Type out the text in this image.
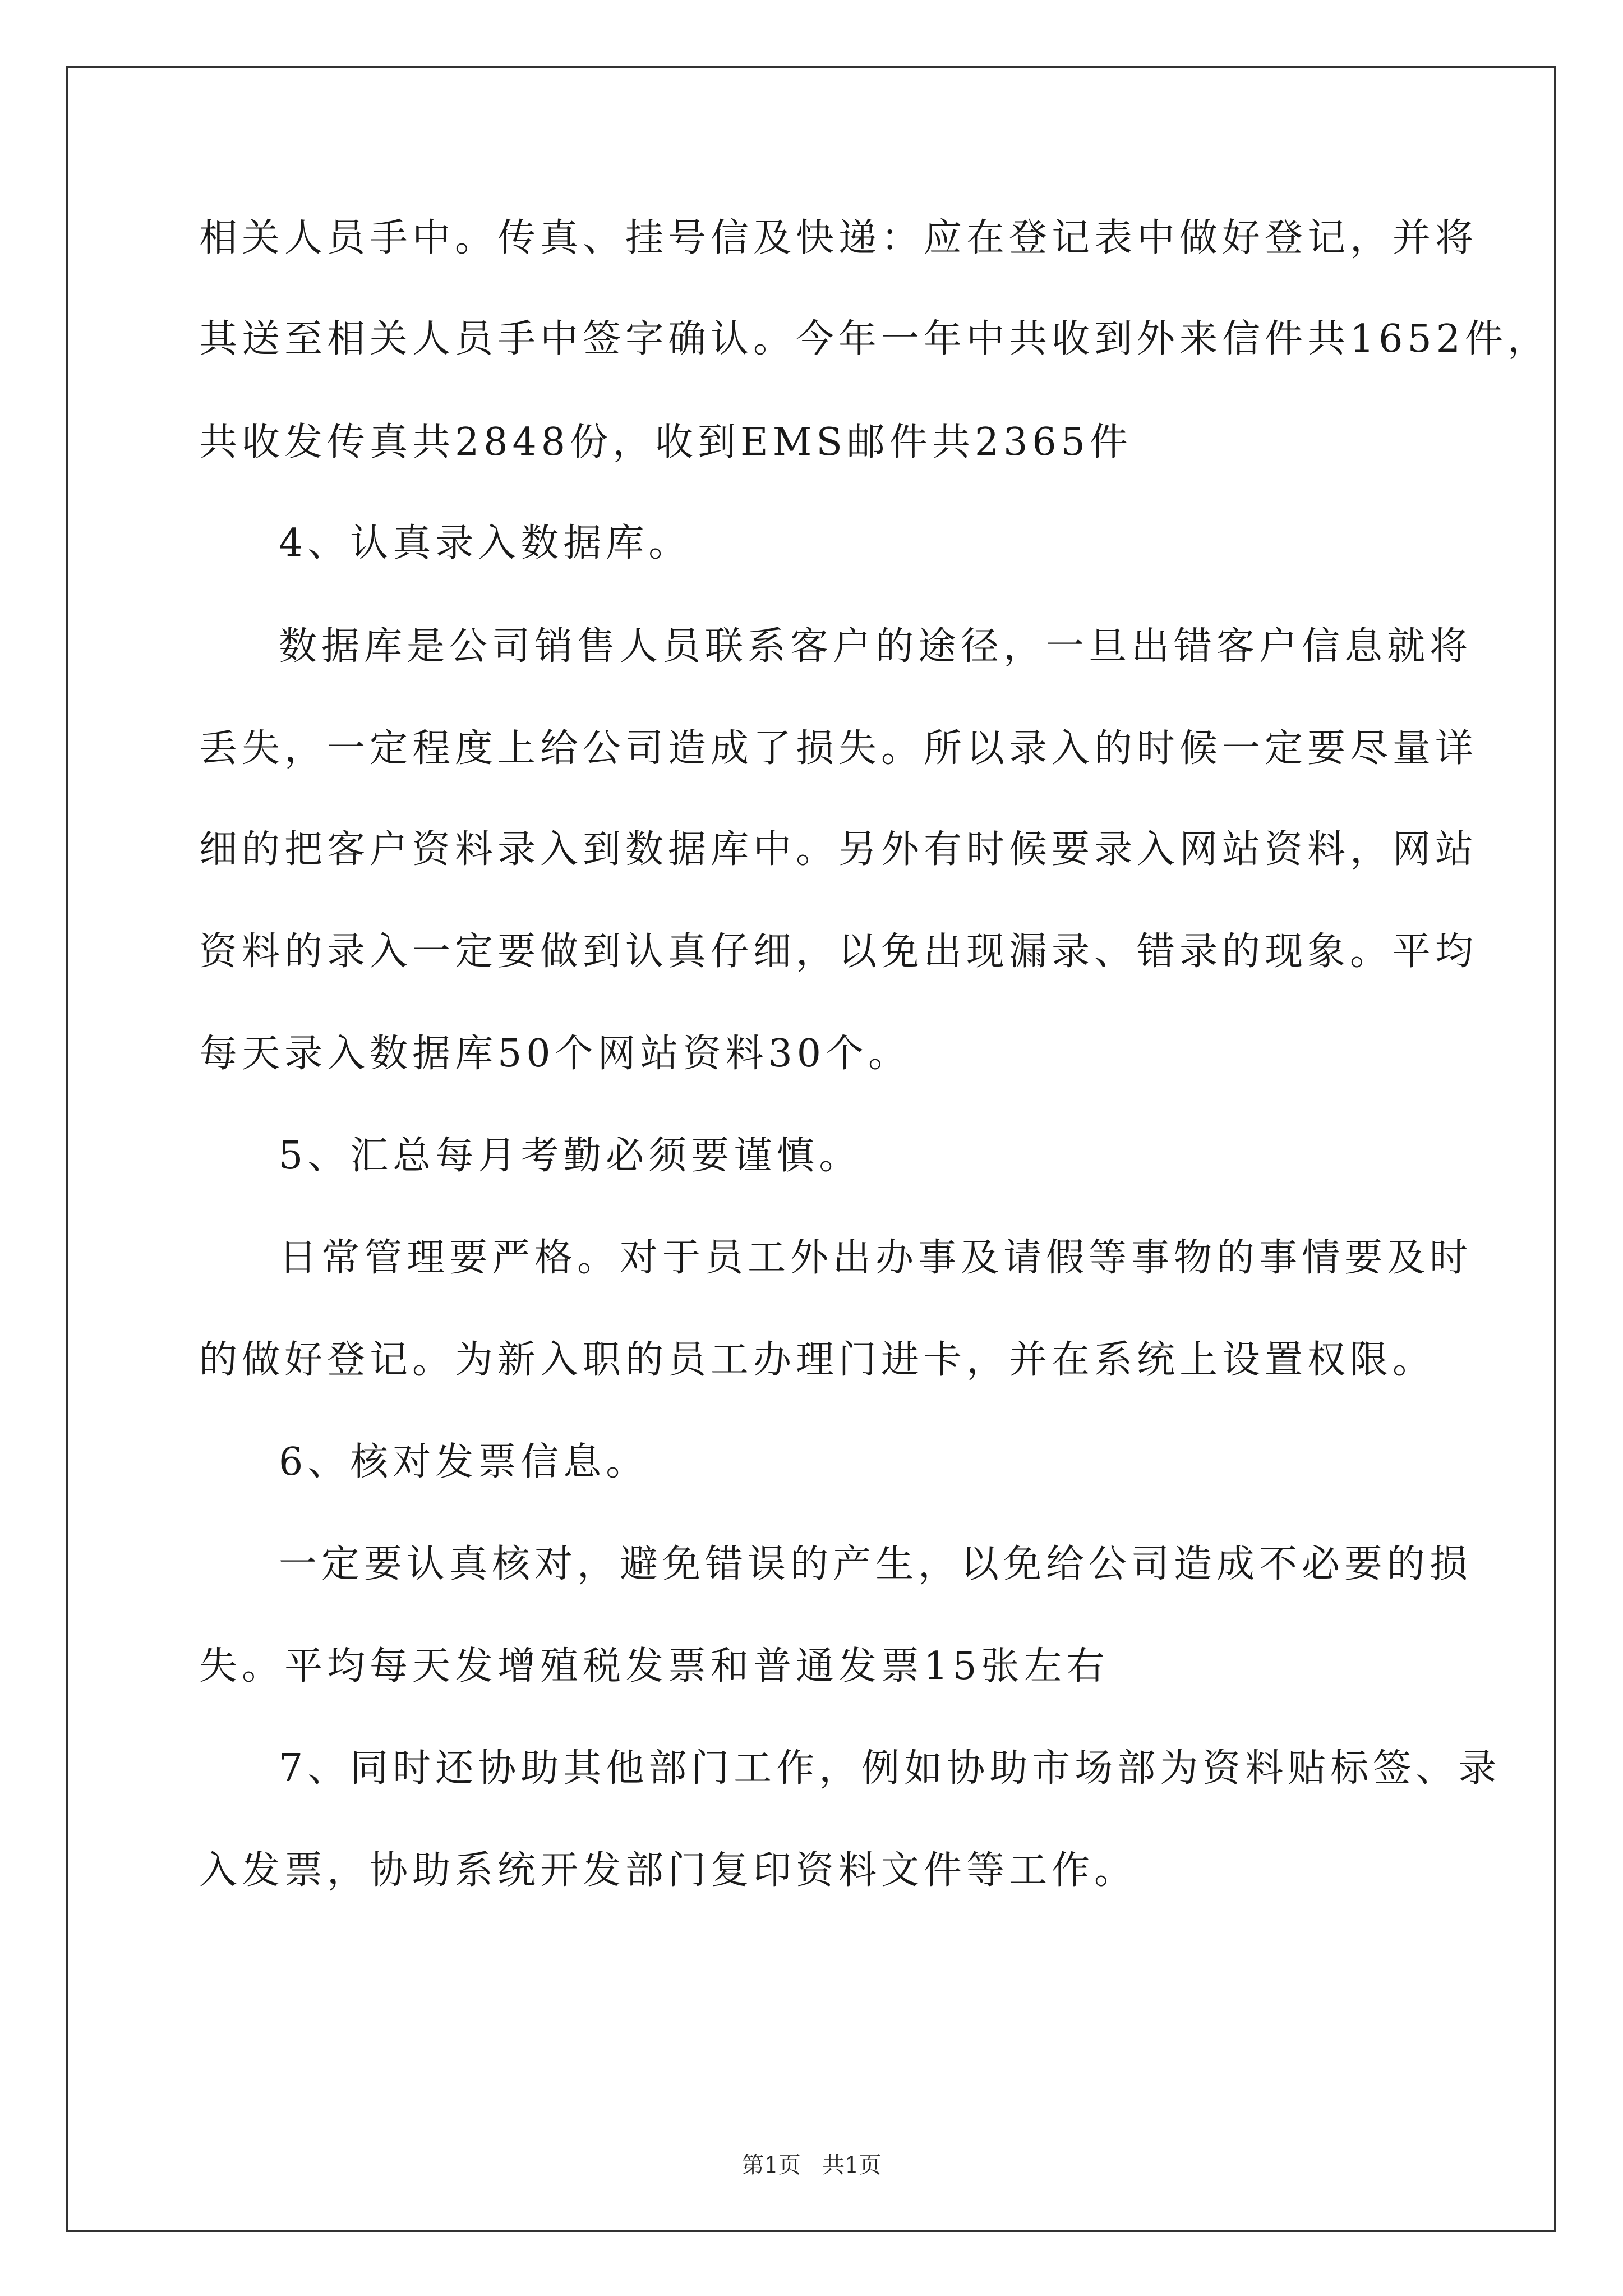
相关人员手中。传真、挂号信及快递：应在登记表中做好登记，并将
其送至相关人员手中签字确认。今年一年中共收到外来信件共1652件，
共收发传真共2848份，收到EMS邮件共2365件
4、认真录入数据库。
数据库是公司销售人员联系客户的途径，一旦出错客户信息就将
丢失，一定程度上给公司造成了损失。所以录入的时候一定要尽量详
细的把客户资料录入到数据库中。另外有时候要录入网站资料，网站
资料的录入一定要做到认真仔细，以免出现漏录、错录的现象。平均
每天录入数据库50个网站资料30个。
5、汇总每月考勤必须要谨慎。
日常管理要严格。对于员工外出办事及请假等事物的事情要及时
的做好登记。为新入职的员工办理门进卡，并在系统上设置权限。
6、核对发票信息。
一定要认真核对，避免错误的产生，以免给公司造成不必要的损
失。平均每天发增殖税发票和普通发票15张左右
7、同时还协助其他部门工作，例如协助市场部为资料贴标签、录
入发票，协助系统开发部门复印资料文件等工作。
第1页   共1页
